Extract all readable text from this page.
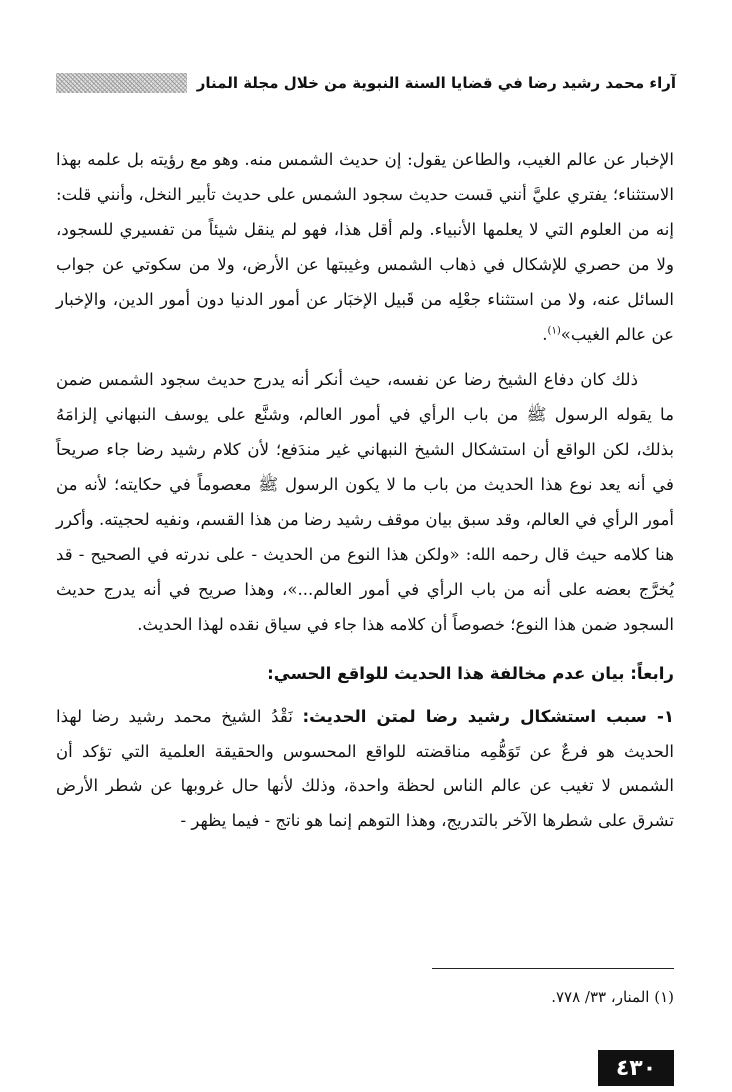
آراء محمد رشيد رضا في قضايا السنة النبوية من خلال مجلة المنار

الإخبار عن عالم الغيب، والطاعن يقول: إن حديث الشمس منه. وهو مع رؤيته بل علمه بهذا الاستثناء؛ يفتري عليَّ أنني قست حديث سجود الشمس على حديث تأبير النخل، وأنني قلت: إنه من العلوم التي لا يعلمها الأنبياء. ولم أقل هذا، فهو لم ينقل شيئاً من تفسيري للسجود، ولا من حصري للإشكال في ذهاب الشمس وغيبتها عن الأرض، ولا من سكوتي عن جواب السائل عنه، ولا من استثناء جعْلِه من قَبيل الإخبَار عن أمور الدنيا دون أمور الدين، والإخبار عن عالم الغيب»$^{(١)}$.

ذلك كان دفاع الشيخ رضا عن نفسه، حيث أنكر أنه يدرج حديث سجود الشمس ضمن ما يقوله الرسول ﷺ من باب الرأي في أمور العالم، وشنَّع على يوسف النبهاني إلزامَهُ بذلك، لكن الواقع أن استشكال الشيخ النبهاني غير مندَفع؛ لأن كلام رشيد رضا جاء صريحاً في أنه يعد نوع هذا الحديث من باب ما لا يكون الرسول ﷺ معصوماً في حكايته؛ لأنه من أمور الرأي في العالم، وقد سبق بيان موقف رشيد رضا من هذا القسم، ونفيه لحجيته. وأكرر هنا كلامه حيث قال رحمه الله: «ولكن هذا النوع من الحديث - على ندرته في الصحيح - قد يُخرَّج بعضه على أنه من باب الرأي في أمور العالم...»، وهذا صريح في أنه يدرج حديث السجود ضمن هذا النوع؛ خصوصاً أن كلامه هذا جاء في سياق نقده لهذا الحديث.

رابعاً: بيان عدم مخالفة هذا الحديث للواقع الحسي:

١- سبب استشكال رشيد رضا لمتن الحديث: نَقْدُ الشيخ محمد رشيد رضا لهذا الحديث هو فرعٌ عن تَوَهُّمِه مناقضته للواقع المحسوس والحقيقة العلمية التي تؤكد أن الشمس لا تغيب عن عالم الناس لحظة واحدة، وذلك لأنها حال غروبها عن شطر الأرض تشرق على شطرها الآخر بالتدريج، وهذا التوهم إنما هو ناتج - فيما يظهر -

(١) المنار، ٣٣/ ٧٧٨.
٤٣٠
